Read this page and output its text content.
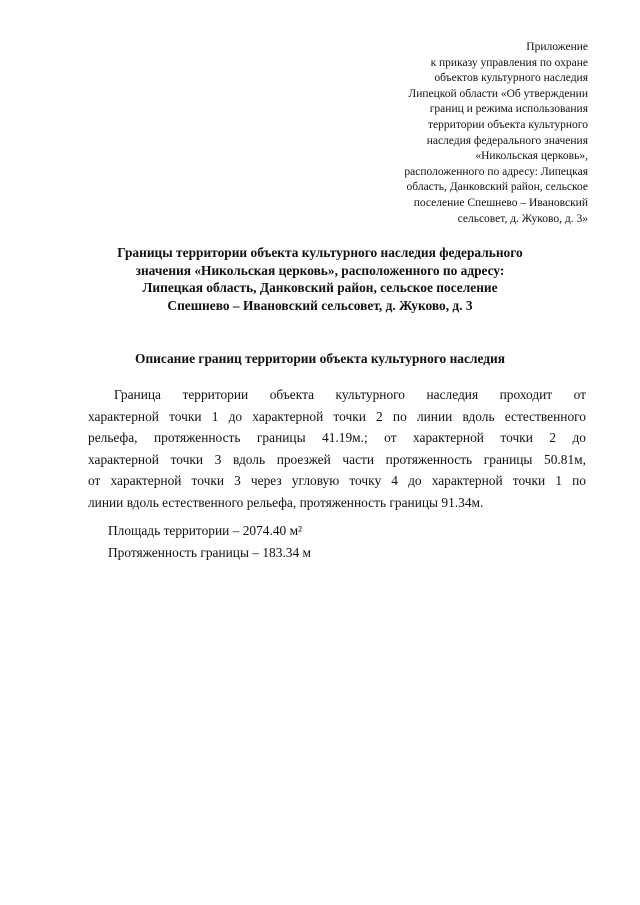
Приложение
к приказу управления по охране
объектов культурного наследия
Липецкой области «Об утверждении
границ и режима использования
территории объекта культурного
наследия федерального значения
«Никольская церковь»,
расположенного по адресу: Липецкая
область, Данковский район, сельское
поселение Спешнево – Ивановский
сельсовет, д. Жуково, д. 3»
Границы территории объекта культурного наследия федерального
значения «Никольская церковь», расположенного по адресу:
Липецкая область, Данковский район, сельское поселение
Спешнево – Ивановский сельсовет, д. Жуково, д. 3
Описание границ территории объекта культурного наследия
Граница территории объекта культурного наследия проходит от
характерной точки 1 до характерной точки 2 по линии вдоль естественного
рельефа, протяженность границы 41.19м.; от характерной точки 2 до
характерной точки 3 вдоль проезжей части протяженность границы 50.81м,
от характерной точки 3 через угловую точку 4 до характерной точки 1 по
линии вдоль естественного рельефа, протяженность границы 91.34м.
Площадь территории – 2074.40 м²
Протяженность границы – 183.34 м
